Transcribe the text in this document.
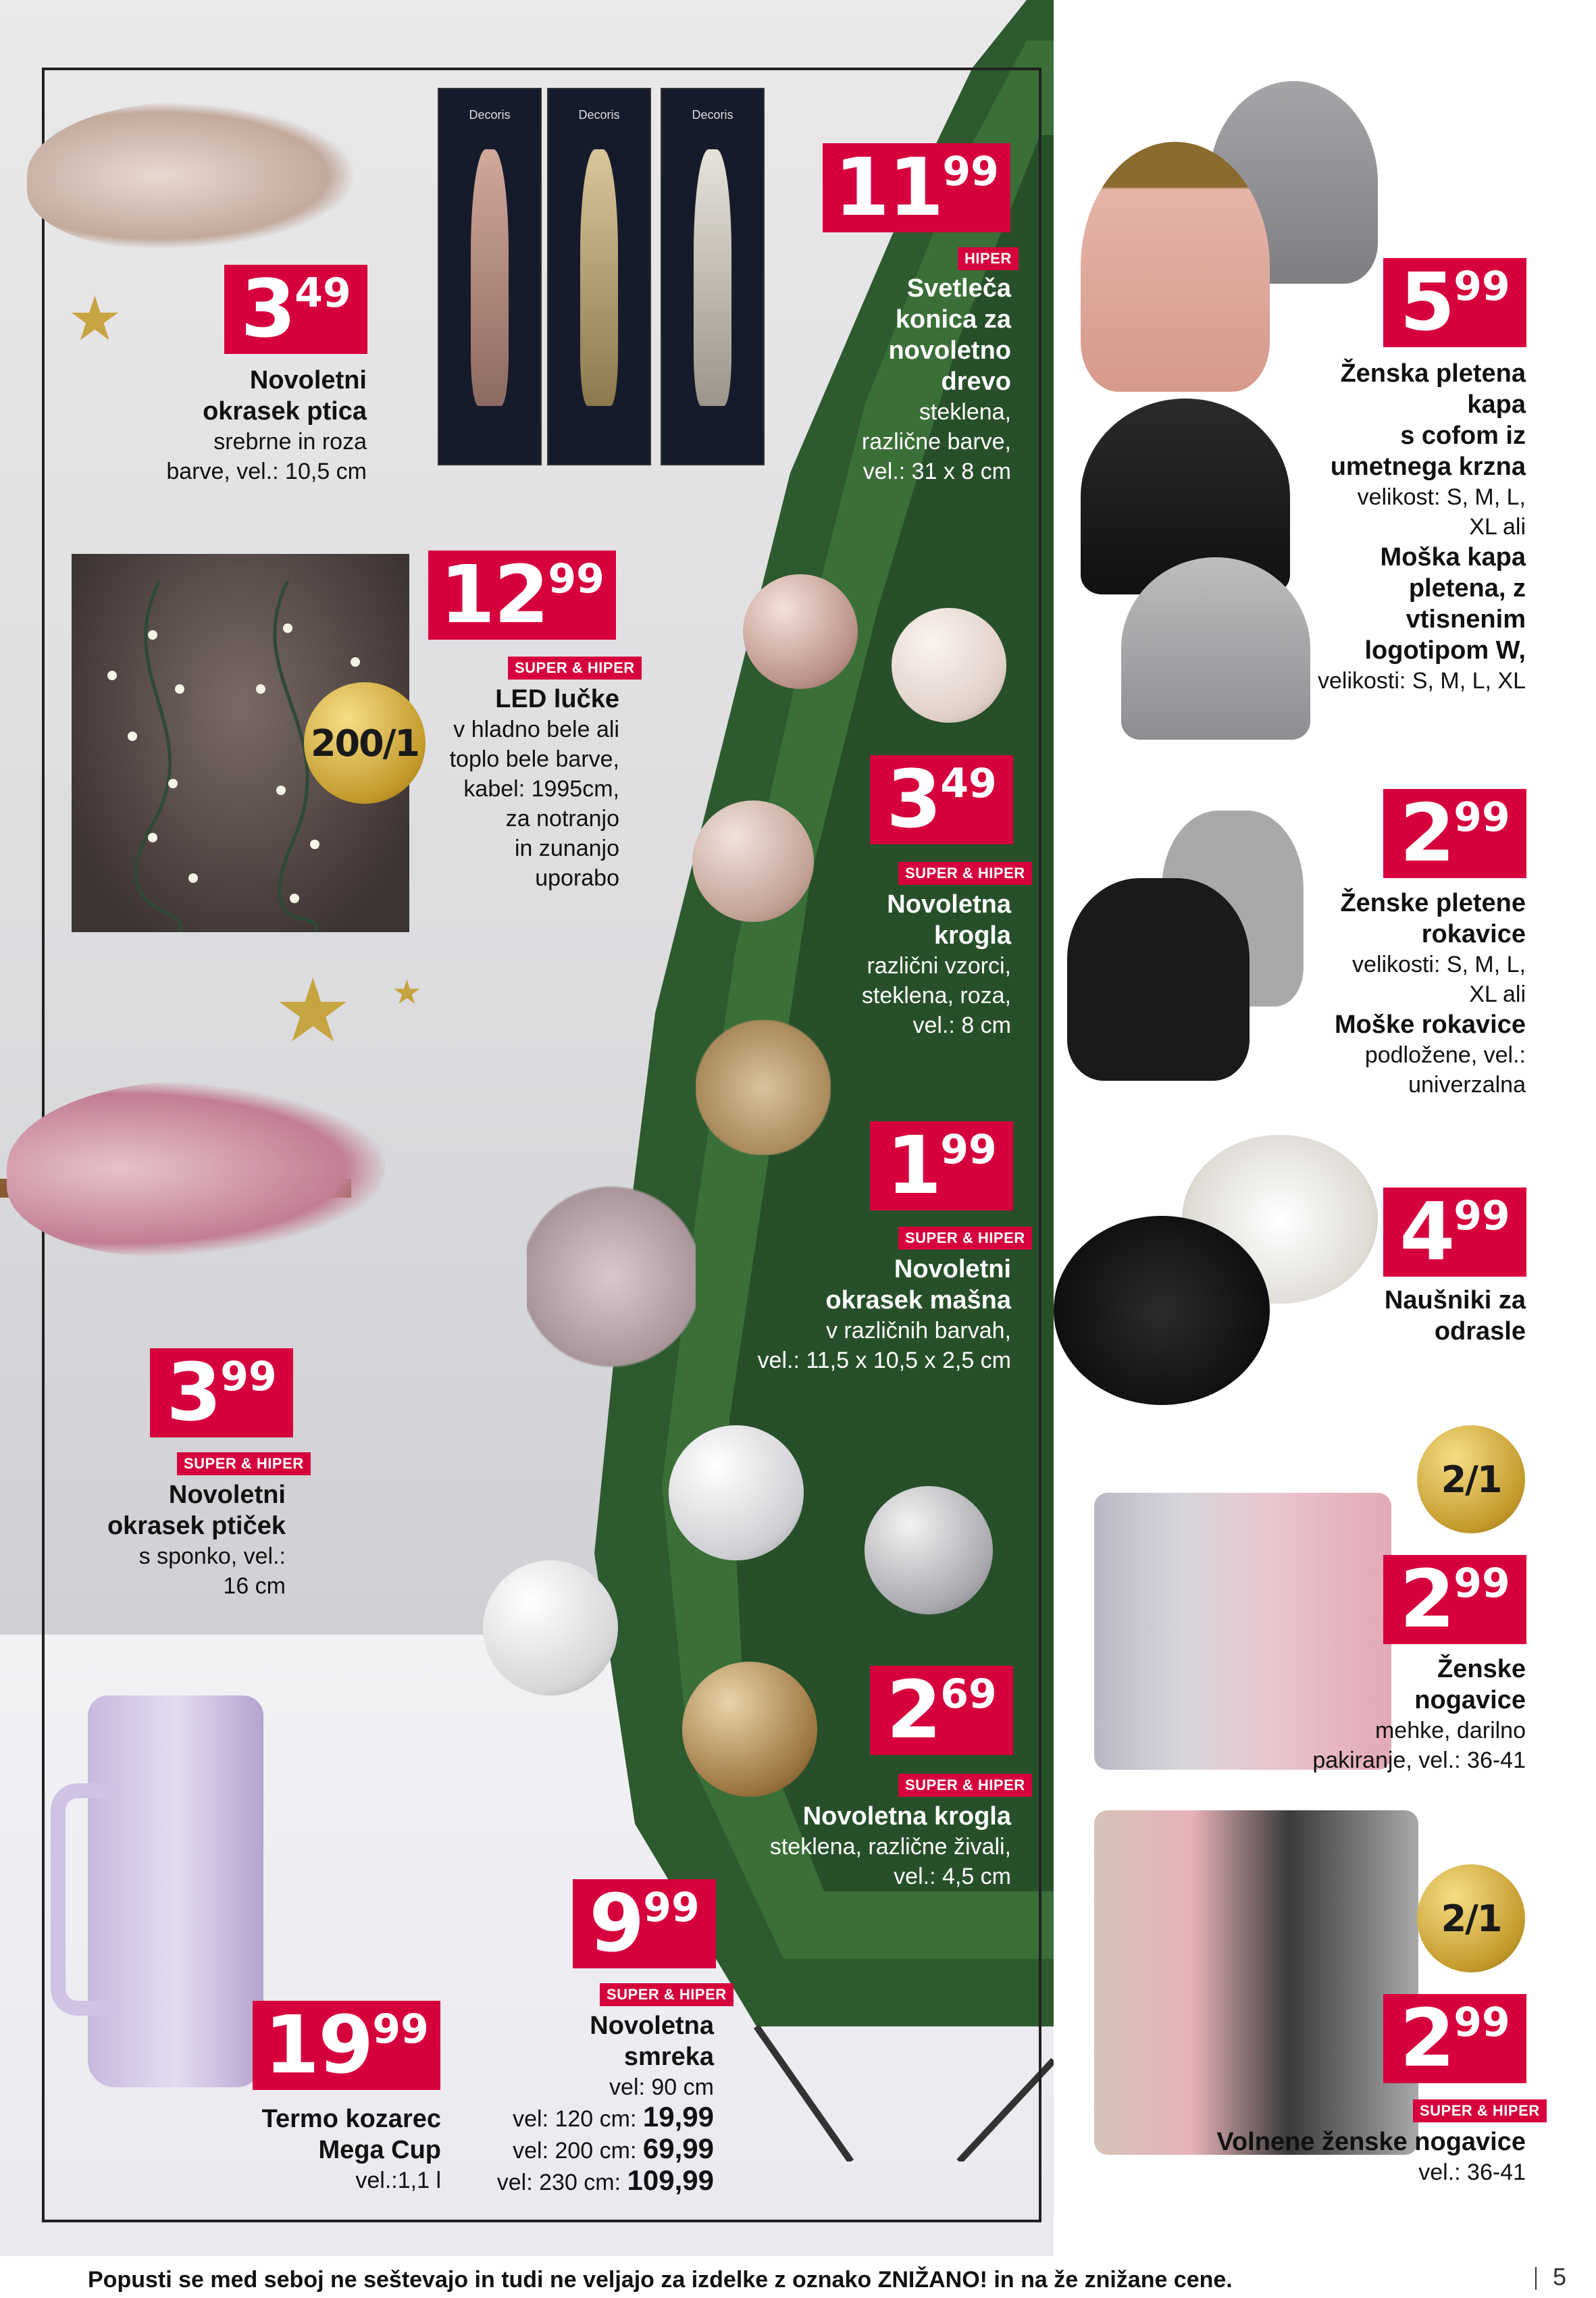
★
★ ★
Decoris	Decoris	Decoris
3 49
Novoletni
okrasek ptica
srebrne in roza
barve, vel.: 10,5 cm
11 99
HIPER
Svetleča
konica za
novoletno
drevo
steklena,
različne barve,
vel.: 31 x 8 cm
5 99
Ženska pletena
kapa
s cofom iz
umetnega krzna
velikost: S, M, L,
XL ali
Moška kapa
pletena, z
vtisnenim
logotipom W,
velikosti: S, M, L, XL
200/1
12 99
SUPER & HIPER
LED lučke
v hladno bele ali
toplo bele barve,
kabel: 1995cm,
za notranjo
in zunanjo
uporabo
3 49
SUPER & HIPER
Novoletna
krogla
različni vzorci,
steklena, roza,
vel.: 8 cm
2 99
Ženske pletene
rokavice
velikosti: S, M, L,
XL ali
Moške rokavice
podložene, vel.:
univerzalna
1 99
SUPER & HIPER
Novoletni
okrasek mašna
v različnih barvah,
vel.: 11,5 x 10,5 x 2,5 cm
4 99
Naušniki za
odrasle
3 99
SUPER & HIPER
Novoletni
okrasek ptiček
s sponko, vel.:
16 cm
2/1
2 99
Ženske
nogavice
mehke, darilno
pakiranje, vel.: 36-41
2 69
SUPER & HIPER
Novoletna krogla
steklena, različne živali,
vel.: 4,5 cm
9 99
SUPER & HIPER
Novoletna
smreka
vel: 90 cm
vel: 120 cm: 19,99
vel: 200 cm: 69,99
vel: 230 cm: 109,99
19 99
Termo kozarec
Mega Cup
vel.:1,1 l
2/1
2 99
SUPER & HIPER
Volnene ženske nogavice
vel.: 36-41
Popusti se med seboj ne seštevajo in tudi ne veljajo za izdelke z oznako ZNIŽANO! in na že znižane cene.	5
